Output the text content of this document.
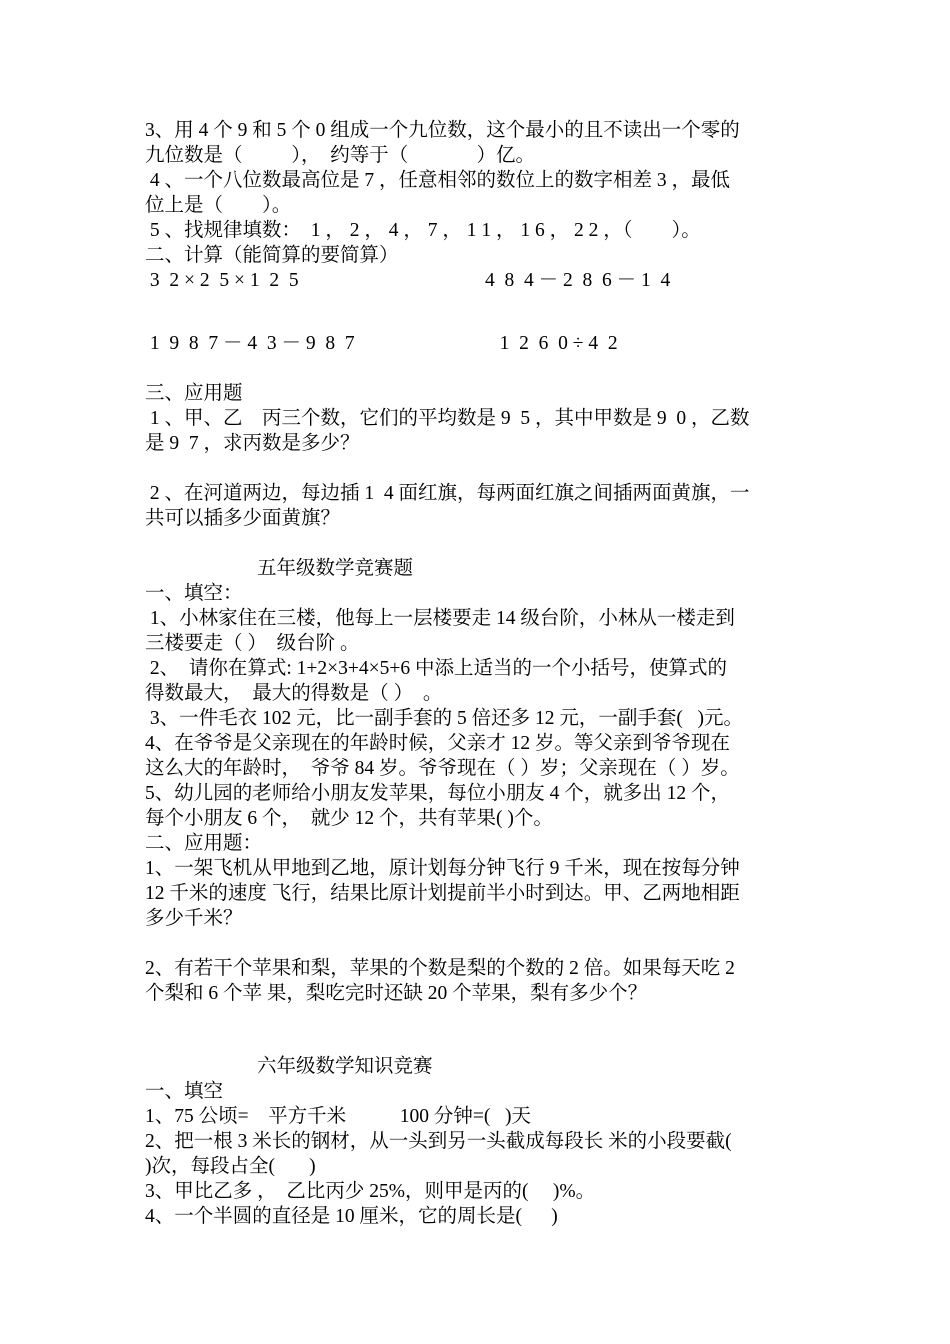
3、用 4 个 9 和 5 个 0 组成一个九位数，这个最小的且不读出一个零的
九位数是（          ），  约等于（              ）亿。
4 、一个八位数最高位是 7 ，任意相邻的数位上的数字相差 3 ，最低
位上是（        ）。
5 、找规律填数：  1 ， 2 ， 4 ， 7 ， 1 1 ， 1 6 ， 2 2 ，（        ）。
二、计算（能简算的要简算）
3  2 × 2  5 × 1  2  5	4  8  4 － 2  8  6 － 1  4
1  9  8  7 － 4  3 － 9  8  7	1  2  6  0 ÷ 4  2
三、应用题
1 、甲、乙    丙三个数，它们的平均数是 9  5 ，其中甲数是 9  0 ，乙数
是 9  7 ，求丙数是多少？
2 、在河道两边，每边插 1  4 面红旗，每两面红旗之间插两面黄旗，一
共可以插多少面黄旗？
五年级数学竞赛题
一、填空：
1、小林家住在三楼，他每上一层楼要走 14 级台阶，小林从一楼走到
三楼要走（ ）  级台阶 。
2、  请你在算式: 1+2×3+4×5+6 中添上适当的一个小括号，使算式的
得数最大，  最大的得数是（ ）  。
3、一件毛衣 102 元，比一副手套的 5 倍还多 12 元，一副手套(   )元。
4、在爷爷是父亲现在的年龄时候，父亲才 12 岁。等父亲到爷爷现在
这么大的年龄时，  爷爷 84 岁。爷爷现在（ ）岁；父亲现在（ ）岁。
5、幼儿园的老师给小朋友发苹果，每位小朋友 4 个，就多出 12 个，
每个小朋友 6 个，  就少 12 个，共有苹果( )个。
二、应用题：
1、一架飞机从甲地到乙地，原计划每分钟飞行 9 千米，现在按每分钟
12 千米的速度 飞行，结果比原计划提前半小时到达。甲、乙两地相距
多少千米？
2、有若干个苹果和梨，苹果的个数是梨的个数的 2 倍。如果每天吃 2
个梨和 6 个苹 果，梨吃完时还缺 20 个苹果，梨有多少个？
六年级数学知识竞赛
一、填空
1、75 公顷=    平方千米           100 分钟=(   )天
2、把一根 3 米长的钢材，从一头到另一头截成每段长 米的小段要截(
)次，每段占全(       )
3、甲比乙多 ，  乙比丙少 25%，则甲是丙的(     )%。
4、一个半圆的直径是 10 厘米，它的周长是(      )
